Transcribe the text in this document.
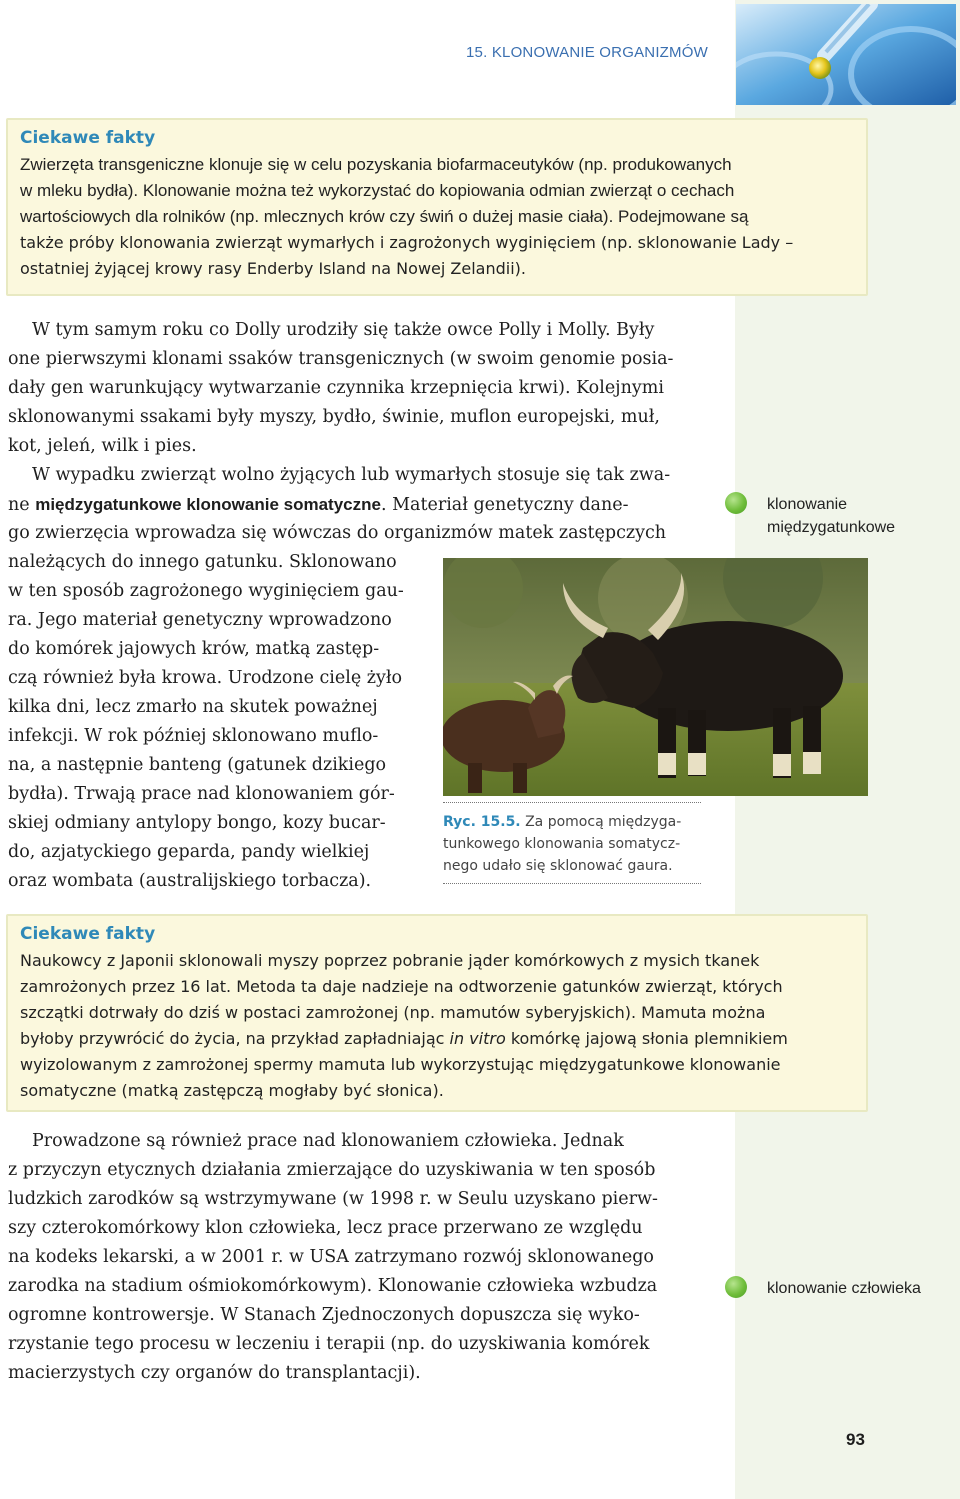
15. KLONOWANIE ORGANIZMÓW
Ciekawe fakty
Zwierzęta transgeniczne klonuje się w celu pozyskania biofarmaceutyków (np. produkowanych
w mleku bydła). Klonowanie można też wykorzystać do kopiowania odmian zwierząt o cechach
wartościowych dla rolników (np. mlecznych krów czy świń o dużej masie ciała). Podejmowane są
także próby klonowania zwierząt wymarłych i zagrożonych wyginięciem (np. sklonowanie Lady –
ostatniej żyjącej krowy rasy Enderby Island na Nowej Zelandii).
W tym samym roku co Dolly urodziły się także owce Polly i Molly. Były
one pierwszymi klonami ssaków transgenicznych (w swoim genomie posia-
dały gen warunkujący wytwarzanie czynnika krzepnięcia krwi). Kolejnymi
sklonowanymi ssakami były myszy, bydło, świnie, muflon europejski, muł,
kot, jeleń, wilk i pies.
W wypadku zwierząt wolno żyjących lub wymarłych stosuje się tak zwa-
ne międzygatunkowe klonowanie somatyczne. Materiał genetyczny dane-
go zwierzęcia wprowadza się wówczas do organizmów matek zastępczych
należących do innego gatunku. Sklonowano
w ten sposób zagrożonego wyginięciem gau-
ra. Jego materiał genetyczny wprowadzono
do komórek jajowych krów, matką zastęp-
czą również była krowa. Urodzone cielę żyło
kilka dni, lecz zmarło na skutek poważnej
infekcji. W rok później sklonowano muflo-
na, a następnie banteng (gatunek dzikiego
bydła). Trwają prace nad klonowaniem gór-
skiej odmiany antylopy bongo, kozy bucar-
do, azjatyckiego geparda, pandy wielkiej
oraz wombata (australijskiego torbacza).
klonowanie
międzygatunkowe
Ryc. 15.5. Za pomocą międzyga-
tunkowego klonowania somatycz-
nego udało się sklonować gaura.
Ciekawe fakty
Naukowcy z Japonii sklonowali myszy poprzez pobranie jąder komórkowych z mysich tkanek
zamrożonych przez 16 lat. Metoda ta daje nadzieje na odtworzenie gatunków zwierząt, których
szczątki dotrwały do dziś w postaci zamrożonej (np. mamutów syberyjskich). Mamuta można
byłoby przywrócić do życia, na przykład zapładniając in vitro komórkę jajową słonia plemnikiem
wyizolowanym z zamrożonej spermy mamuta lub wykorzystując międzygatunkowe klonowanie
somatyczne (matką zastępczą mogłaby być słonica).
Prowadzone są również prace nad klonowaniem człowieka. Jednak
z przyczyn etycznych działania zmierzające do uzyskiwania w ten sposób
ludzkich zarodków są wstrzymywane (w 1998 r. w Seulu uzyskano pierw-
szy czterokomórkowy klon człowieka, lecz prace przerwano ze względu
na kodeks lekarski, a w 2001 r. w USA zatrzymano rozwój sklonowanego
zarodka na stadium ośmiokomórkowym). Klonowanie człowieka wzbudza
ogromne kontrowersje. W Stanach Zjednoczonych dopuszcza się wyko-
rzystanie tego procesu w leczeniu i terapii (np. do uzyskiwania komórek
macierzystych czy organów do transplantacji).
klonowanie człowieka
93
